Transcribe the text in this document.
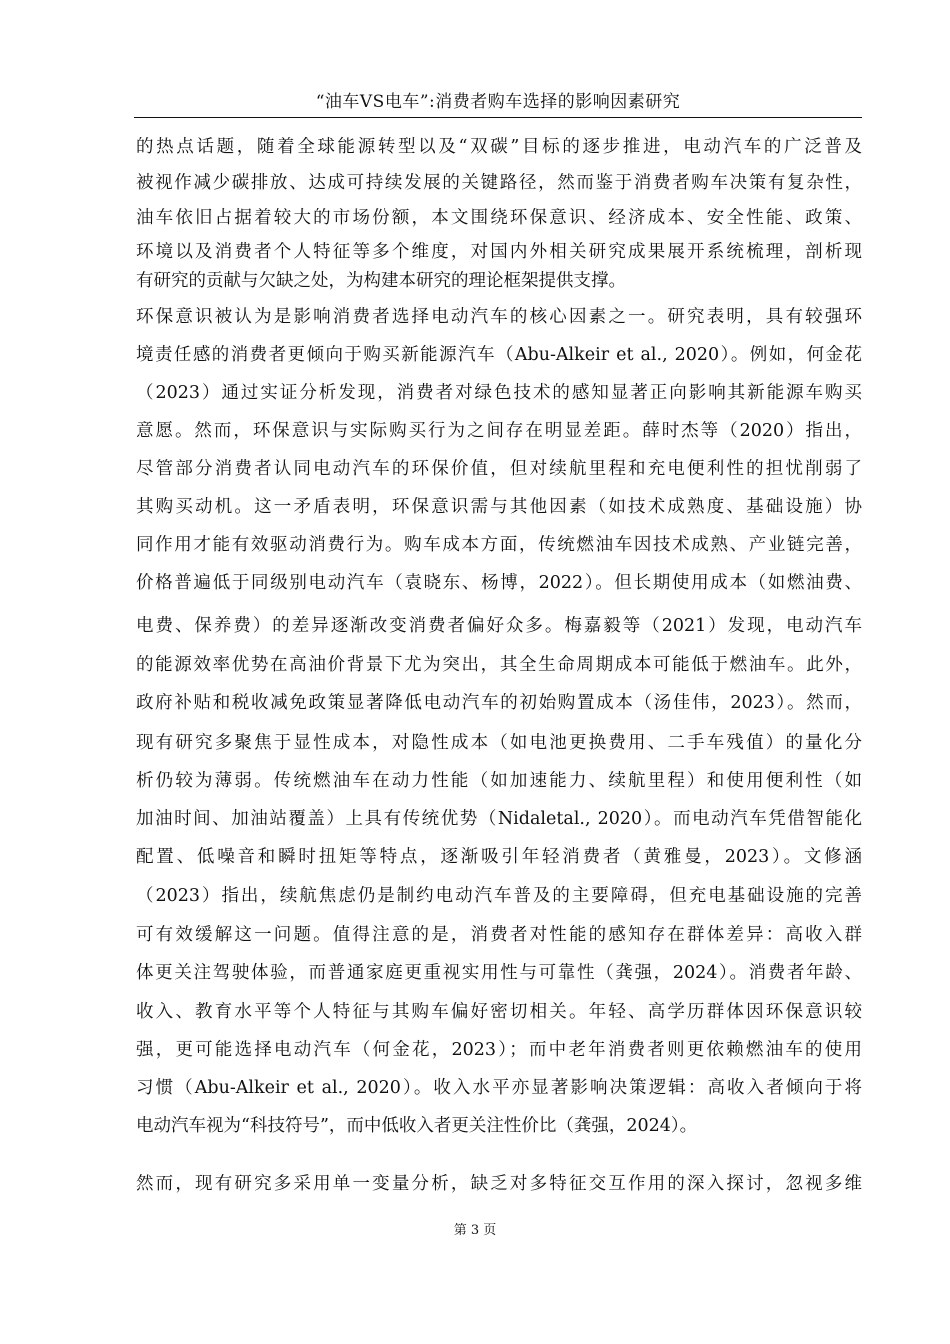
“油车VS电车”:消费者购车选择的影响因素研究
的热点话题，随着全球能源转型以及“双碳”目标的逐步推进，电动汽车的广泛普及
被视作减少碳排放、达成可持续发展的关键路径，然而鉴于消费者购车决策有复杂性，
油车依旧占据着较大的市场份额，本文围绕环保意识、经济成本、安全性能、政策、
环境以及消费者个人特征等多个维度，对国内外相关研究成果展开系统梳理，剖析现
有研究的贡献与欠缺之处，为构建本研究的理论框架提供支撑。
环保意识被认为是影响消费者选择电动汽车的核心因素之一。研究表明，具有较强环
境责任感的消费者更倾向于购买新能源汽车（Abu-Alkeir et al., 2020）。例如，何金花
（2023）通过实证分析发现，消费者对绿色技术的感知显著正向影响其新能源车购买
意愿。然而，环保意识与实际购买行为之间存在明显差距。薛时杰等（2020）指出，
尽管部分消费者认同电动汽车的环保价值，但对续航里程和充电便利性的担忧削弱了
其购买动机。这一矛盾表明，环保意识需与其他因素（如技术成熟度、基础设施）协
同作用才能有效驱动消费行为。购车成本方面，传统燃油车因技术成熟、产业链完善，
价格普遍低于同级别电动汽车（袁晓东、杨博，2022）。但长期使用成本（如燃油费、
电费、保养费）的差异逐渐改变消费者偏好众多。梅嘉毅等（2021）发现，电动汽车
的能源效率优势在高油价背景下尤为突出，其全生命周期成本可能低于燃油车。此外，
政府补贴和税收减免政策显著降低电动汽车的初始购置成本（汤佳伟，2023）。然而，
现有研究多聚焦于显性成本，对隐性成本（如电池更换费用、二手车残值）的量化分
析仍较为薄弱。传统燃油车在动力性能（如加速能力、续航里程）和使用便利性（如
加油时间、加油站覆盖）上具有传统优势（Nidaletal., 2020）。而电动汽车凭借智能化
配置、低噪音和瞬时扭矩等特点，逐渐吸引年轻消费者（黄雅曼，2023）。文修涵
（2023）指出，续航焦虑仍是制约电动汽车普及的主要障碍，但充电基础设施的完善
可有效缓解这一问题。值得注意的是，消费者对性能的感知存在群体差异：高收入群
体更关注驾驶体验，而普通家庭更重视实用性与可靠性（龚强，2024）。消费者年龄、
收入、教育水平等个人特征与其购车偏好密切相关。年轻、高学历群体因环保意识较
强，更可能选择电动汽车（何金花，2023）；而中老年消费者则更依赖燃油车的使用
习惯（Abu-Alkeir et al., 2020）。收入水平亦显著影响决策逻辑：高收入者倾向于将
电动汽车视为“科技符号”，而中低收入者更关注性价比（龚强，2024）。
然而，现有研究多采用单一变量分析，缺乏对多特征交互作用的深入探讨，忽视多维
第 3 页
